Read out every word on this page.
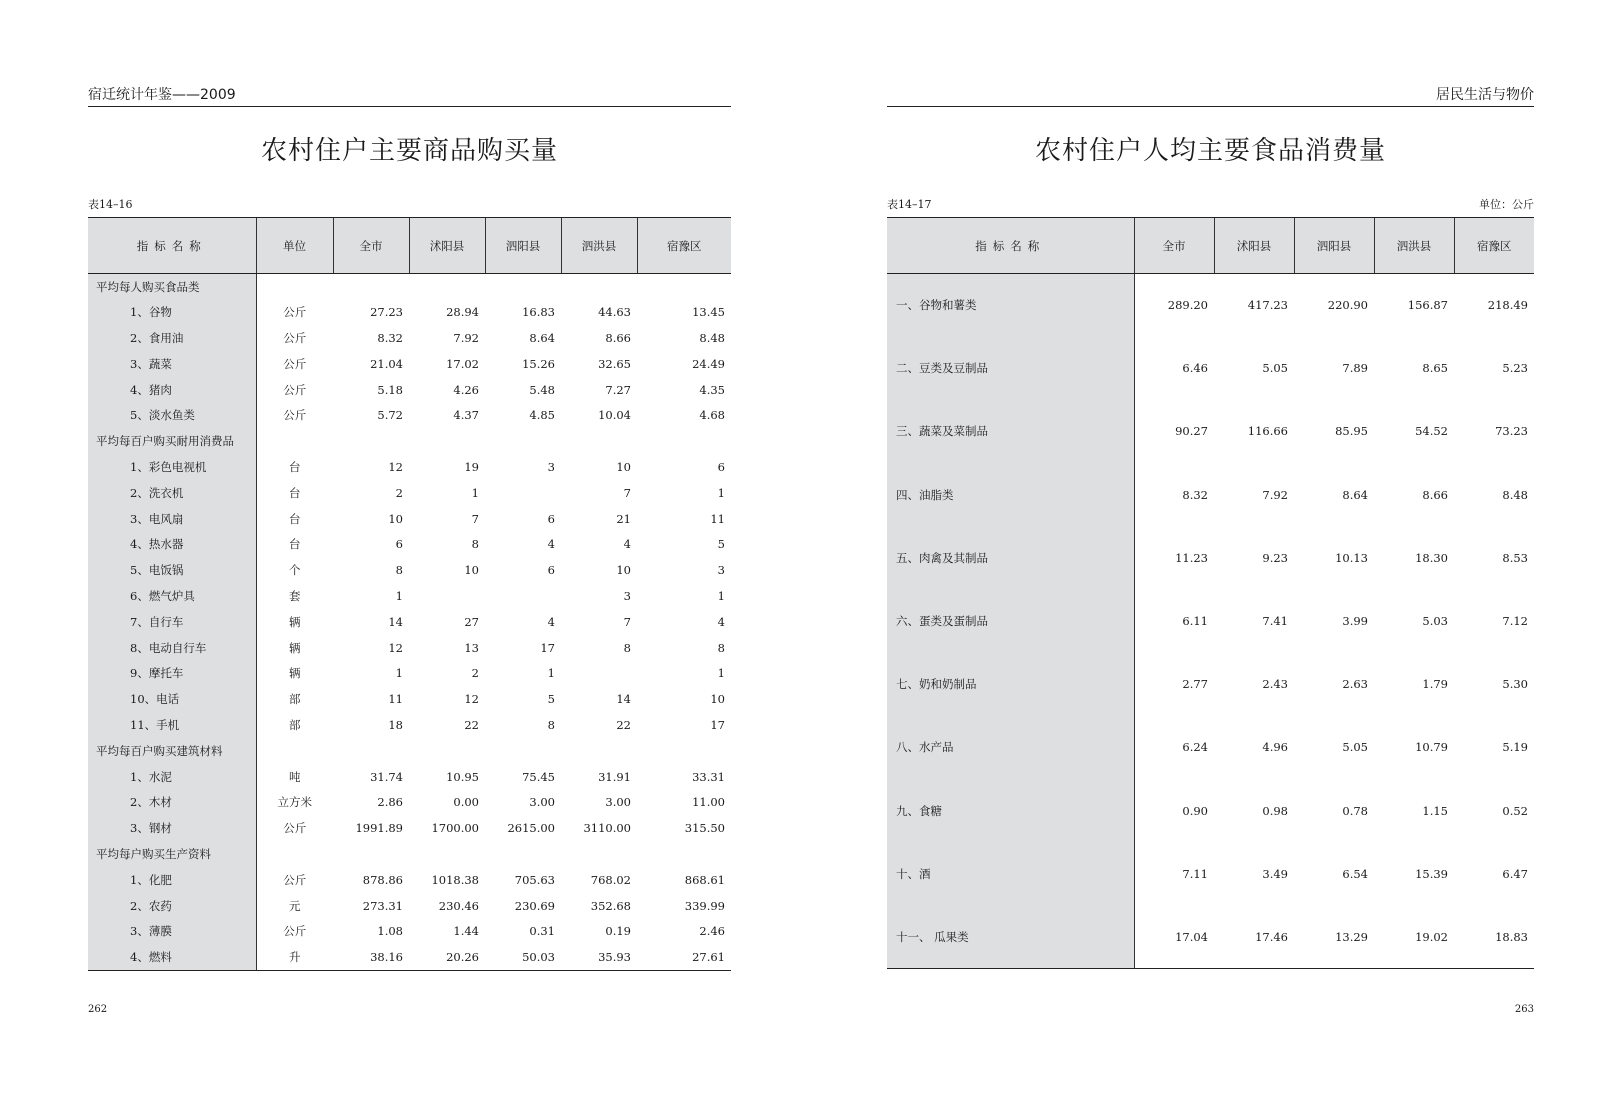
宿迁统计年鉴——2009
农村住户主要商品购买量
表14–16
指标名称	单位	全市	沭阳县	泗阳县	泗洪县	宿豫区
平均每人购买食品类						
1、谷物	公斤	27.23	28.94	16.83	44.63	13.45
2、食用油	公斤	8.32	7.92	8.64	8.66	8.48
3、蔬菜	公斤	21.04	17.02	15.26	32.65	24.49
4、猪肉	公斤	5.18	4.26	5.48	7.27	4.35
5、淡水鱼类	公斤	5.72	4.37	4.85	10.04	4.68
平均每百户购买耐用消费品						
1、彩色电视机	台	12	19	3	10	6
2、洗衣机	台	2	1		7	1
3、电风扇	台	10	7	6	21	11
4、热水器	台	6	8	4	4	5
5、电饭锅	个	8	10	6	10	3
6、燃气炉具	套	1			3	1
7、自行车	辆	14	27	4	7	4
8、电动自行车	辆	12	13	17	8	8
9、摩托车	辆	1	2	1		1
10、电话	部	11	12	5	14	10
11、手机	部	18	22	8	22	17
平均每百户购买建筑材料						
1、水泥	吨	31.74	10.95	75.45	31.91	33.31
2、木材	立方米	2.86	0.00	3.00	3.00	11.00
3、钢材	公斤	1991.89	1700.00	2615.00	3110.00	315.50
平均每户购买生产资料						
1、化肥	公斤	878.86	1018.38	705.63	768.02	868.61
2、农药	元	273.31	230.46	230.69	352.68	339.99
3、薄膜	公斤	1.08	1.44	0.31	0.19	2.46
4、燃料	升	38.16	20.26	50.03	35.93	27.61
262
居民生活与物价
农村住户人均主要食品消费量
表14–17	单位：公斤
指标名称	全市	沭阳县	泗阳县	泗洪县	宿豫区
一、谷物和薯类	289.20	417.23	220.90	156.87	218.49
二、豆类及豆制品	6.46	5.05	7.89	8.65	5.23
三、蔬菜及菜制品	90.27	116.66	85.95	54.52	73.23
四、油脂类	8.32	7.92	8.64	8.66	8.48
五、肉禽及其制品	11.23	9.23	10.13	18.30	8.53
六、蛋类及蛋制品	6.11	7.41	3.99	5.03	7.12
七、奶和奶制品	2.77	2.43	2.63	1.79	5.30
八、水产品	6.24	4.96	5.05	10.79	5.19
九、食糖	0.90	0.98	0.78	1.15	0.52
十、酒	7.11	3.49	6.54	15.39	6.47
十一、 瓜果类	17.04	17.46	13.29	19.02	18.83
263
